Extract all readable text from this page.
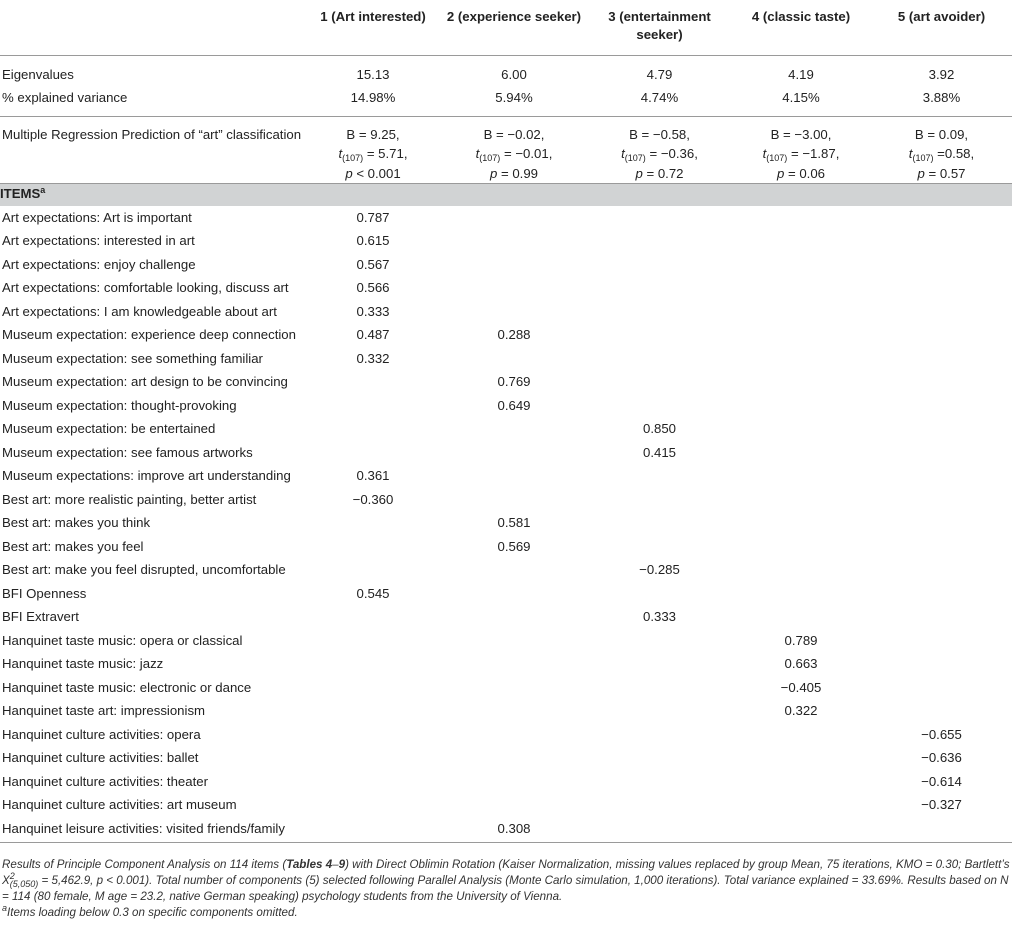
	1 (Art interested)	2 (experience seeker)	3 (entertainment seeker)	4 (classic taste)	5 (art avoider)
Eigenvalues	15.13	6.00	4.79	4.19	3.92
% explained variance	14.98%	5.94%	4.74%	4.15%	3.88%
Multiple Regression Prediction of “art” classification	B = 9.25,
$t_{(107)} = 5.71$,
p < 0.001	B = −0.02,
$t_{(107)} = -0.01$,
p = 0.99	B = −0.58,
$t_{(107)} = -0.36$,
p = 0.72	B = −3.00,
$t_{(107)} = -1.87$,
p = 0.06	B = 0.09,
$t_{(107)} =0.58$,
p = 0.57

ITEMS$^a$
Art expectations: Art is important	0.787				
Art expectations: interested in art	0.615				
Art expectations: enjoy challenge	0.567				
Art expectations: comfortable looking, discuss art	0.566				
Art expectations: I am knowledgeable about art	0.333				
Museum expectation: experience deep connection	0.487	0.288			
Museum expectation: see something familiar	0.332				
Museum expectation: art design to be convincing		0.769			
Museum expectation: thought-provoking		0.649			
Museum expectation: be entertained			0.850		
Museum expectation: see famous artworks			0.415		
Museum expectations: improve art understanding	0.361				
Best art: more realistic painting, better artist	−0.360				
Best art: makes you think		0.581			
Best art: makes you feel		0.569			
Best art: make you feel disrupted, uncomfortable			−0.285		
BFI Openness	0.545				
BFI Extravert			0.333		
Hanquinet taste music: opera or classical				0.789	
Hanquinet taste music: jazz				0.663	
Hanquinet taste music: electronic or dance				−0.405	
Hanquinet taste art: impressionism				0.322	
Hanquinet culture activities: opera					−0.655
Hanquinet culture activities: ballet					−0.636
Hanquinet culture activities: theater					−0.614
Hanquinet culture activities: art museum					−0.327
Hanquinet leisure activities: visited friends/family		0.308			

Results of Principle Component Analysis on 114 items (Tables 4–9) with Direct Oblimin Rotation (Kaiser Normalization, missing values replaced by group Mean, 75 iterations, KMO = 0.30; Bartlett’s $X^2_{(5,050)} = 5,462.9$, p < 0.001). Total number of components (5) selected following Parallel Analysis (Monte Carlo simulation, 1,000 iterations). Total variance explained = 33.69%. Results based on N = 114 (80 female, M age = 23.2, native German speaking) psychology students from the University of Vienna.

$^a$Items loading below 0.3 on specific components omitted.
